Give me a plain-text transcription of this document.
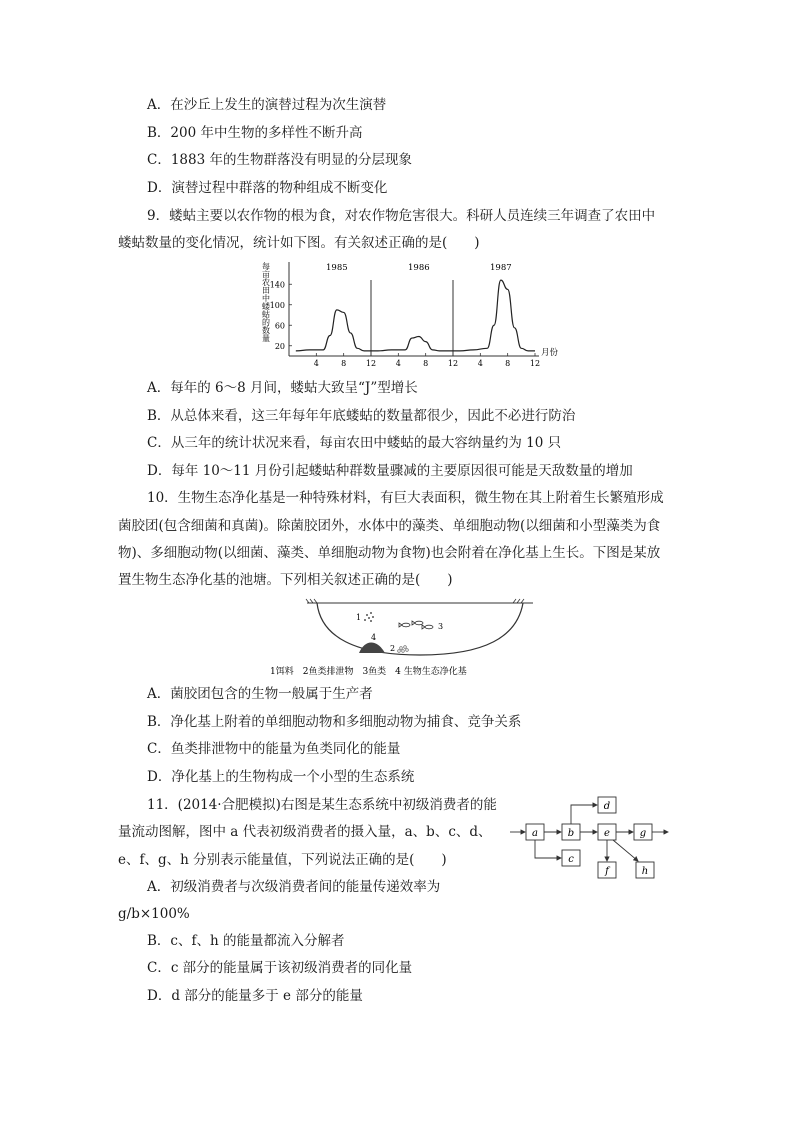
A．在沙丘上发生的演替过程为次生演替
B．200 年中生物的多样性不断升高
C．1883 年的生物群落没有明显的分层现象
D．演替过程中群落的物种组成不断变化
9．蝼蛄主要以农作物的根为食，对农作物危害很大。科研人员连续三年调查了农田中
蝼蛄数量的变化情况，统计如下图。有关叙述正确的是(　　)
20
60
100
140
4	8 12 4	8 12 4	8 12
1985	1986	1987
月份
每亩农田中蝼蛄的数量
A．每年的 6～8 月间，蝼蛄大致呈“J”型增长
B．从总体来看，这三年每年年底蝼蛄的数量都很少，因此不必进行防治
C．从三年的统计状况来看，每亩农田中蝼蛄的最大容纳量约为 10 只
D．每年 10～11 月份引起蝼蛄种群数量骤减的主要原因很可能是天敌数量的增加
10．生物生态净化基是一种特殊材料，有巨大表面积，微生物在其上附着生长繁殖形成
菌胶团(包含细菌和真菌)。除菌胶团外，水体中的藻类、单细胞动物(以细菌和小型藻类为食
物)、多细胞动物(以细菌、藻类、单细胞动物为食物)也会附着在净化基上生长。下图是某放
置生物生态净化基的池塘。下列相关叙述正确的是(　　)
1
3
4
2
1饵料　2鱼类排泄物　3鱼类　4 生物生态净化基
A．菌胶团包含的生物一般属于生产者
B．净化基上附着的单细胞动物和多细胞动物为捕食、竞争关系
C．鱼类排泄物中的能量为鱼类同化的能量
D．净化基上的生物构成一个小型的生态系统
11．(2014·合肥模拟)右图是某生态系统中初级消费者的能
量流动图解，图中 a 代表初级消费者的摄入量，a、b、c、d、
e、f、g、h 分别表示能量值，下列说法正确的是(　　)
A．初级消费者与次级消费者间的能量传递效率为
g/b×100%
B．c、f、h 的能量都流入分解者
C．c 部分的能量属于该初级消费者的同化量
D．d 部分的能量多于 e 部分的能量
a	b	e	g
d
c
f	h
